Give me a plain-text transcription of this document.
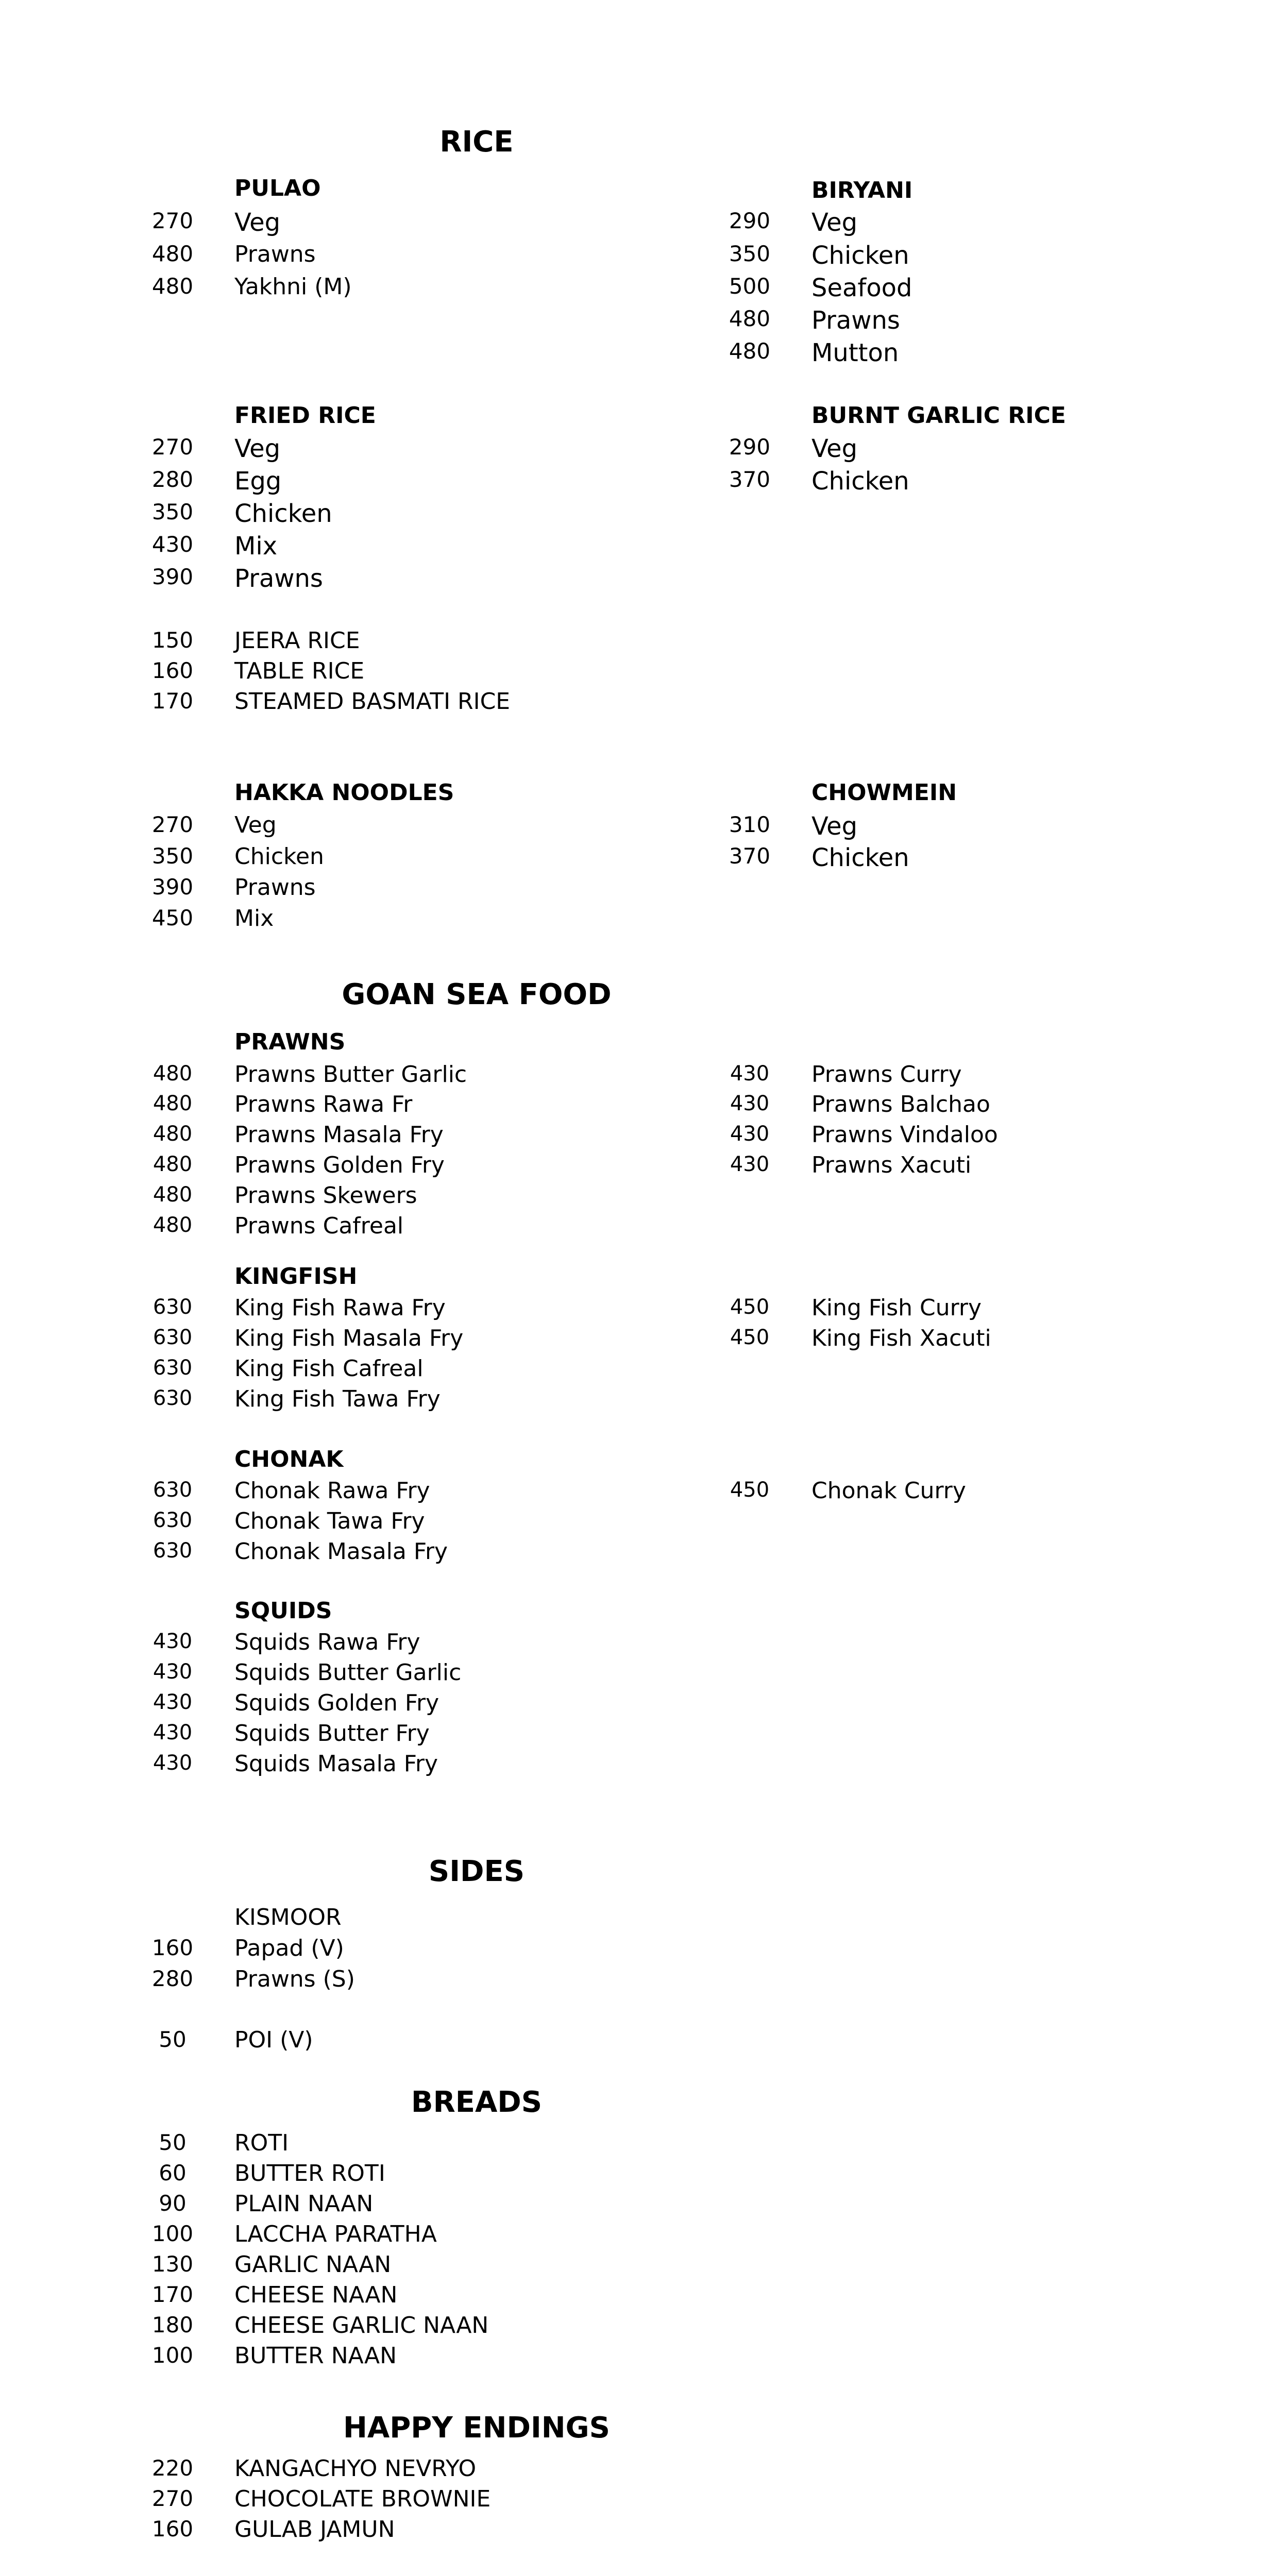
RICE
PULAO	BIRYANI
270	Veg
480	Prawns
480	Yakhni (M)
290	Veg
350	Chicken
500	Seafood
480	Prawns
480	Mutton
FRIED RICE	BURNT GARLIC RICE
270	Veg
280	Egg
350	Chicken
430	Mix
390	Prawns
290	Veg
370	Chicken
150	JEERA RICE
160	TABLE RICE
170	STEAMED BASMATI RICE
HAKKA NOODLES	CHOWMEIN
270	Veg
350	Chicken
390	Prawns
450	Mix
310	Veg
370	Chicken
GOAN SEA FOOD
PRAWNS
480	Prawns Butter Garlic
480	Prawns Rawa Fr
480	Prawns Masala Fry
480	Prawns Golden Fry
480	Prawns Skewers
480	Prawns Cafreal
430	Prawns Curry
430	Prawns Balchao
430	Prawns Vindaloo
430	Prawns Xacuti
KINGFISH
630	King Fish Rawa Fry
630	King Fish Masala Fry
630	King Fish Cafreal
630	King Fish Tawa Fry
450	King Fish Curry
450	King Fish Xacuti
CHONAK
630	Chonak Rawa Fry
630	Chonak Tawa Fry
630	Chonak Masala Fry
450	Chonak Curry
SQUIDS
430	Squids Rawa Fry
430	Squids Butter Garlic
430	Squids Golden Fry
430	Squids Butter Fry
430	Squids Masala Fry
SIDES
KISMOOR
160	Papad (V)
280	Prawns (S)
50	POI (V)
BREADS
50	ROTI
60	BUTTER ROTI
90	PLAIN NAAN
100	LACCHA PARATHA
130	GARLIC NAAN
170	CHEESE NAAN
180	CHEESE GARLIC NAAN
100	BUTTER NAAN
HAPPY ENDINGS
220	KANGACHYO NEVRYO
270	CHOCOLATE BROWNIE
160	GULAB JAMUN
